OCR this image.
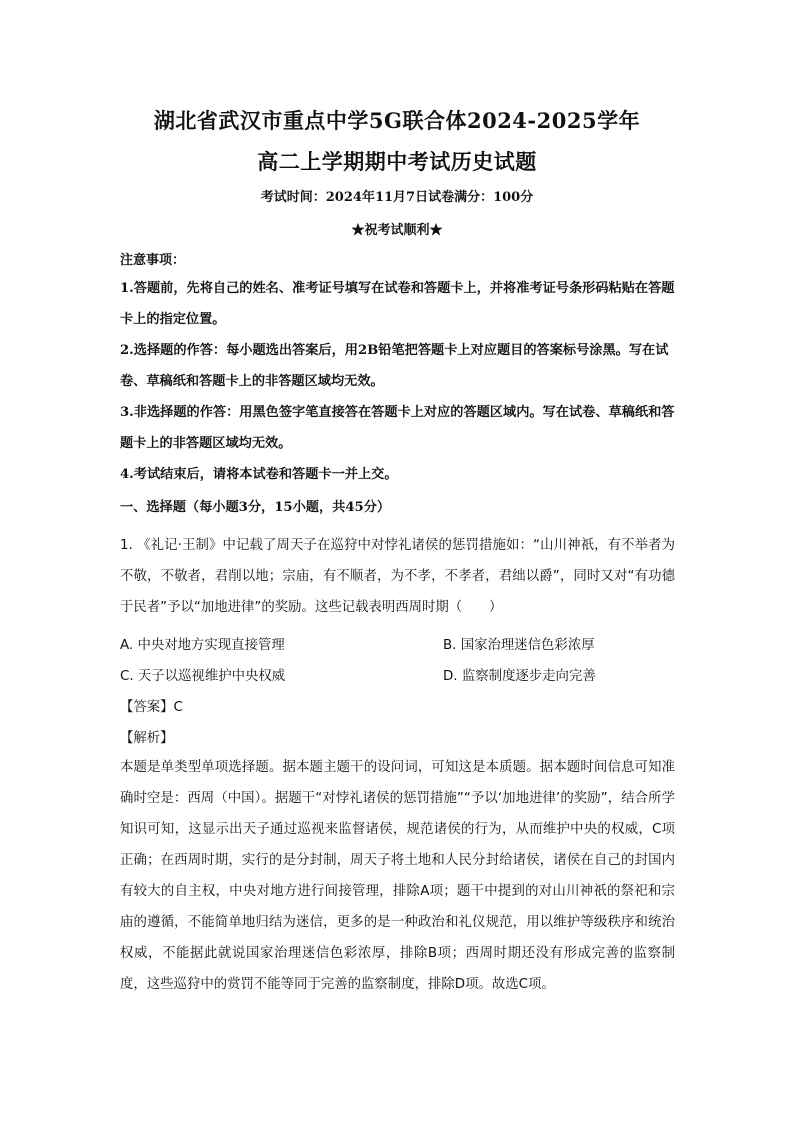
湖北省武汉市重点中学5G联合体2024-2025学年
高二上学期期中考试历史试题
考试时间：2024年11月7日试卷满分：100分
★祝考试顺利★
注意事项：
1.答题前，先将自己的姓名、准考证号填写在试卷和答题卡上，并将准考证号条形码粘贴在答题卡上的指定位置。
2.选择题的作答：每小题选出答案后，用2B铅笔把答题卡上对应题目的答案标号涂黑。写在试卷、草稿纸和答题卡上的非答题区域均无效。
3.非选择题的作答：用黑色签字笔直接答在答题卡上对应的答题区域内。写在试卷、草稿纸和答题卡上的非答题区域均无效。
4.考试结束后，请将本试卷和答题卡一并上交。
一、选择题（每小题3分，15小题，共45分）
1. 《礼记·王制》中记载了周天子在巡狩中对悖礼诸侯的惩罚措施如：“山川神祇，有不举者为不敬，不敬者，君削以地；宗庙，有不顺者，为不孝，不孝者，君绌以爵”，同时又对“有功德于民者”予以“加地进律”的奖励。这些记载表明西周时期（　　）
A. 中央对地方实现直接管理	B. 国家治理迷信色彩浓厚
C. 天子以巡视维护中央权威	D. 监察制度逐步走向完善
【答案】C
【解析】
本题是单类型单项选择题。据本题主题干的设问词，可知这是本质题。据本题时间信息可知准确时空是：西周（中国）。据题干“对悖礼诸侯的惩罚措施”“予以‘加地进律’的奖励”，结合所学知识可知，这显示出天子通过巡视来监督诸侯，规范诸侯的行为，从而维护中央的权威，C项正确；在西周时期，实行的是分封制，周天子将土地和人民分封给诸侯，诸侯在自己的封国内有较大的自主权，中央对地方进行间接管理，排除A项；题干中提到的对山川神祇的祭祀和宗庙的遵循，不能简单地归结为迷信，更多的是一种政治和礼仪规范，用以维护等级秩序和统治权威，不能据此就说国家治理迷信色彩浓厚，排除B项；西周时期还没有形成完善的监察制度，这些巡狩中的赏罚不能等同于完善的监察制度，排除D项。故选C项。
